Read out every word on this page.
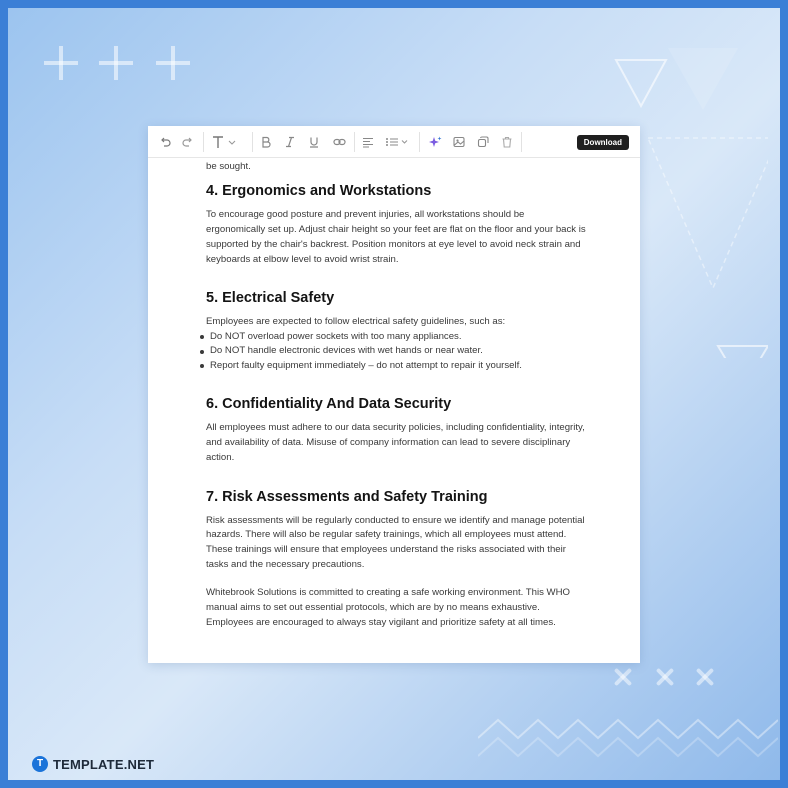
T TEMPLATE.NET
Download

be sought.

4. Ergonomics and Workstations

To encourage good posture and prevent injuries, all workstations should be ergonomically set up. Adjust chair height so your feet are flat on the floor and your back is supported by the chair's backrest. Position monitors at eye level to avoid neck strain and keyboards at elbow level to avoid wrist strain.

5. Electrical Safety

Employees are expected to follow electrical safety guidelines, such as:

Do NOT overload power sockets with too many appliances.
Do NOT handle electronic devices with wet hands or near water.
Report faulty equipment immediately – do not attempt to repair it yourself.
6. Confidentiality And Data Security

All employees must adhere to our data security policies, including confidentiality, integrity, and availability of data. Misuse of company information can lead to severe disciplinary action.

7. Risk Assessments and Safety Training

Risk assessments will be regularly conducted to ensure we identify and manage potential hazards. There will also be regular safety trainings, which all employees must attend. These trainings will ensure that employees understand the risks associated with their tasks and the necessary precautions.

Whitebrook Solutions is committed to creating a safe working environment. This WHO manual aims to set out essential protocols, which are by no means exhaustive. Employees are encouraged to always stay vigilant and prioritize safety at all times.
